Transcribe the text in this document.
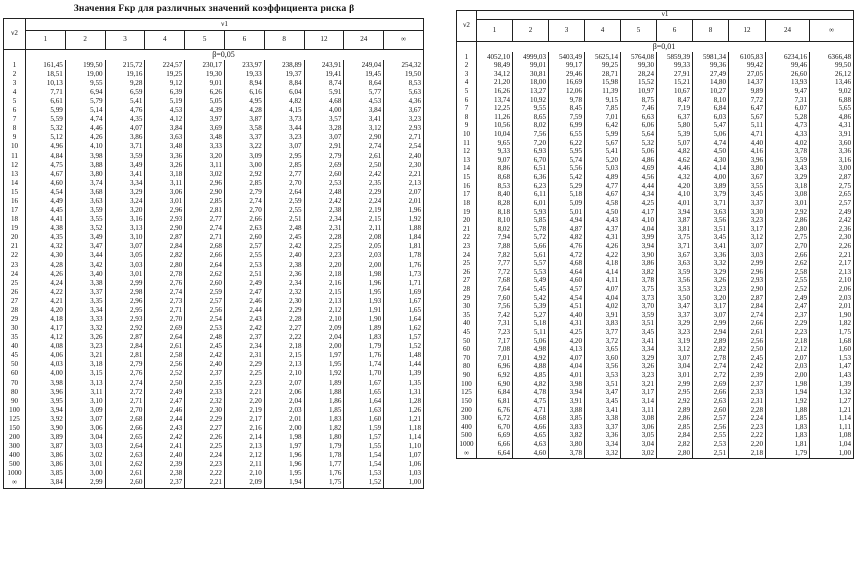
Значения Fкр для различных значений коэффициента риска β
ν2	ν1									
	1	2	3	4	5	6	8	12	24	∞
	β=0,05									
1	161,45	199,50	215,72	224,57	230,17	233,97	238,89	243,91	249,04	254,32
2	18,51	19,00	19,16	19,25	19,30	19,33	19,37	19,41	19,45	19,50
3	10,13	9,55	9,28	9,12	9,01	8,94	8,84	8,74	8,64	8,53
4	7,71	6,94	6,59	6,39	6,26	6,16	6,04	5,91	5,77	5,63
5	6,61	5,79	5,41	5,19	5,05	4,95	4,82	4,68	4,53	4,36
6	5,99	5,14	4,76	4,53	4,39	4,28	4,15	4,00	3,84	3,67
7	5,59	4,74	4,35	4,12	3,97	3,87	3,73	3,57	3,41	3,23
8	5,32	4,46	4,07	3,84	3,69	3,58	3,44	3,28	3,12	2,93
9	5,12	4,26	3,86	3,63	3,48	3,37	3,23	3,07	2,90	2,71
10	4,96	4,10	3,71	3,48	3,33	3,22	3,07	2,91	2,74	2,54
11	4,84	3,98	3,59	3,36	3,20	3,09	2,95	2,79	2,61	2,40
12	4,75	3,88	3,49	3,26	3,11	3,00	2,85	2,69	2,50	2,30
13	4,67	3,80	3,41	3,18	3,02	2,92	2,77	2,60	2,42	2,21
14	4,60	3,74	3,34	3,11	2,96	2,85	2,70	2,53	2,35	2,13
15	4,54	3,68	3,29	3,06	2,90	2,79	2,64	2,48	2,29	2,07
16	4,49	3,63	3,24	3,01	2,85	2,74	2,59	2,42	2,24	2,01
17	4,45	3,59	3,20	2,96	2,81	2,70	2,55	2,38	2,19	1,96
18	4,41	3,55	3,16	2,93	2,77	2,66	2,51	2,34	2,15	1,92
19	4,38	3,52	3,13	2,90	2,74	2,63	2,48	2,31	2,11	1,88
20	4,35	3,49	3,10	2,87	2,71	2,60	2,45	2,28	2,08	1,84
21	4,32	3,47	3,07	2,84	2,68	2,57	2,42	2,25	2,05	1,81
22	4,30	3,44	3,05	2,82	2,66	2,55	2,40	2,23	2,03	1,78
23	4,28	3,42	3,03	2,80	2,64	2,53	2,38	2,20	2,00	1,76
24	4,26	3,40	3,01	2,78	2,62	2,51	2,36	2,18	1,98	1,73
25	4,24	3,38	2,99	2,76	2,60	2,49	2,34	2,16	1,96	1,71
26	4,22	3,37	2,98	2,74	2,59	2,47	2,32	2,15	1,95	1,69
27	4,21	3,35	2,96	2,73	2,57	2,46	2,30	2,13	1,93	1,67
28	4,20	3,34	2,95	2,71	2,56	2,44	2,29	2,12	1,91	1,65
29	4,18	3,33	2,93	2,70	2,54	2,43	2,28	2,10	1,90	1,64
30	4,17	3,32	2,92	2,69	2,53	2,42	2,27	2,09	1,89	1,62
35	4,12	3,26	2,87	2,64	2,48	2,37	2,22	2,04	1,83	1,57
40	4,08	3,23	2,84	2,61	2,45	2,34	2,18	2,00	1,79	1,52
45	4,06	3,21	2,81	2,58	2,42	2,31	2,15	1,97	1,76	1,48
50	4,03	3,18	2,79	2,56	2,40	2,29	2,13	1,95	1,74	1,44
60	4,00	3,15	2,76	2,52	2,37	2,25	2,10	1,92	1,70	1,39
70	3,98	3,13	2,74	2,50	2,35	2,23	2,07	1,89	1,67	1,35
80	3,96	3,11	2,72	2,49	2,33	2,21	2,06	1,88	1,65	1,31
90	3,95	3,10	2,71	2,47	2,32	2,20	2,04	1,86	1,64	1,28
100	3,94	3,09	2,70	2,46	2,30	2,19	2,03	1,85	1,63	1,26
125	3,92	3,07	2,68	2,44	2,29	2,17	2,01	1,83	1,60	1,21
150	3,90	3,06	2,66	2,43	2,27	2,16	2,00	1,82	1,59	1,18
200	3,89	3,04	2,65	2,42	2,26	2,14	1,98	1,80	1,57	1,14
300	3,87	3,03	2,64	2,41	2,25	2,13	1,97	1,79	1,55	1,10
400	3,86	3,02	2,63	2,40	2,24	2,12	1,96	1,78	1,54	1,07
500	3,86	3,01	2,62	2,39	2,23	2,11	1,96	1,77	1,54	1,06
1000	3,85	3,00	2,61	2,38	2,22	2,10	1,95	1,76	1,53	1,03
∞	3,84	2,99	2,60	2,37	2,21	2,09	1,94	1,75	1,52	1,00
ν2	ν1									
	1	2	3	4	5	6	8	12	24	∞
	β=0,01									
1	4052,10	4999,03	5403,49	5625,14	5764,08	5859,39	5981,34	6105,83	6234,16	6366,48
2	98,49	99,01	99,17	99,25	99,30	99,33	99,36	99,42	99,46	99,50
3	34,12	30,81	29,46	28,71	28,24	27,91	27,49	27,05	26,60	26,12
4	21,20	18,00	16,69	15,98	15,52	15,21	14,80	14,37	13,93	13,46
5	16,26	13,27	12,06	11,39	10,97	10,67	10,27	9,89	9,47	9,02
6	13,74	10,92	9,78	9,15	8,75	8,47	8,10	7,72	7,31	6,88
7	12,25	9,55	8,45	7,85	7,46	7,19	6,84	6,47	6,07	5,65
8	11,26	8,65	7,59	7,01	6,63	6,37	6,03	5,67	5,28	4,86
9	10,56	8,02	6,99	6,42	6,06	5,80	5,47	5,11	4,73	4,31
10	10,04	7,56	6,55	5,99	5,64	5,39	5,06	4,71	4,33	3,91
11	9,65	7,20	6,22	5,67	5,32	5,07	4,74	4,40	4,02	3,60
12	9,33	6,93	5,95	5,41	5,06	4,82	4,50	4,16	3,78	3,36
13	9,07	6,70	5,74	5,20	4,86	4,62	4,30	3,96	3,59	3,16
14	8,86	6,51	5,56	5,03	4,69	4,46	4,14	3,80	3,43	3,00
15	8,68	6,36	5,42	4,89	4,56	4,32	4,00	3,67	3,29	2,87
16	8,53	6,23	5,29	4,77	4,44	4,20	3,89	3,55	3,18	2,75
17	8,40	6,11	5,18	4,67	4,34	4,10	3,79	3,45	3,08	2,65
18	8,28	6,01	5,09	4,58	4,25	4,01	3,71	3,37	3,01	2,57
19	8,18	5,93	5,01	4,50	4,17	3,94	3,63	3,30	2,92	2,49
20	8,10	5,85	4,94	4,43	4,10	3,87	3,56	3,23	2,86	2,42
21	8,02	5,78	4,87	4,37	4,04	3,81	3,51	3,17	2,80	2,36
22	7,94	5,72	4,82	4,31	3,99	3,75	3,45	3,12	2,75	2,30
23	7,88	5,66	4,76	4,26	3,94	3,71	3,41	3,07	2,70	2,26
24	7,82	5,61	4,72	4,22	3,90	3,67	3,36	3,03	2,66	2,21
25	7,77	5,57	4,68	4,18	3,86	3,63	3,32	2,99	2,62	2,17
26	7,72	5,53	4,64	4,14	3,82	3,59	3,29	2,96	2,58	2,13
27	7,68	5,49	4,60	4,11	3,78	3,56	3,26	2,93	2,55	2,10
28	7,64	5,45	4,57	4,07	3,75	3,53	3,23	2,90	2,52	2,06
29	7,60	5,42	4,54	4,04	3,73	3,50	3,20	2,87	2,49	2,03
30	7,56	5,39	4,51	4,02	3,70	3,47	3,17	2,84	2,47	2,01
35	7,42	5,27	4,40	3,91	3,59	3,37	3,07	2,74	2,37	1,90
40	7,31	5,18	4,31	3,83	3,51	3,29	2,99	2,66	2,29	1,82
45	7,23	5,11	4,25	3,77	3,45	3,23	2,94	2,61	2,23	1,75
50	7,17	5,06	4,20	3,72	3,41	3,19	2,89	2,56	2,18	1,68
60	7,08	4,98	4,13	3,65	3,34	3,12	2,82	2,50	2,12	1,60
70	7,01	4,92	4,07	3,60	3,29	3,07	2,78	2,45	2,07	1,53
80	6,96	4,88	4,04	3,56	3,26	3,04	2,74	2,42	2,03	1,47
90	6,92	4,85	4,01	3,53	3,23	3,01	2,72	2,39	2,00	1,43
100	6,90	4,82	3,98	3,51	3,21	2,99	2,69	2,37	1,98	1,39
125	6,84	4,78	3,94	3,47	3,17	2,95	2,66	2,33	1,94	1,32
150	6,81	4,75	3,91	3,45	3,14	2,92	2,63	2,31	1,92	1,27
200	6,76	4,71	3,88	3,41	3,11	2,89	2,60	2,28	1,88	1,21
300	6,72	4,68	3,85	3,38	3,08	2,86	2,57	2,24	1,85	1,14
400	6,70	4,66	3,83	3,37	3,06	2,85	2,56	2,23	1,83	1,11
500	6,69	4,65	3,82	3,36	3,05	2,84	2,55	2,22	1,83	1,08
1000	6,66	4,63	3,80	3,34	3,04	2,82	2,53	2,20	1,81	1,04
∞	6,64	4,60	3,78	3,32	3,02	2,80	2,51	2,18	1,79	1,00
